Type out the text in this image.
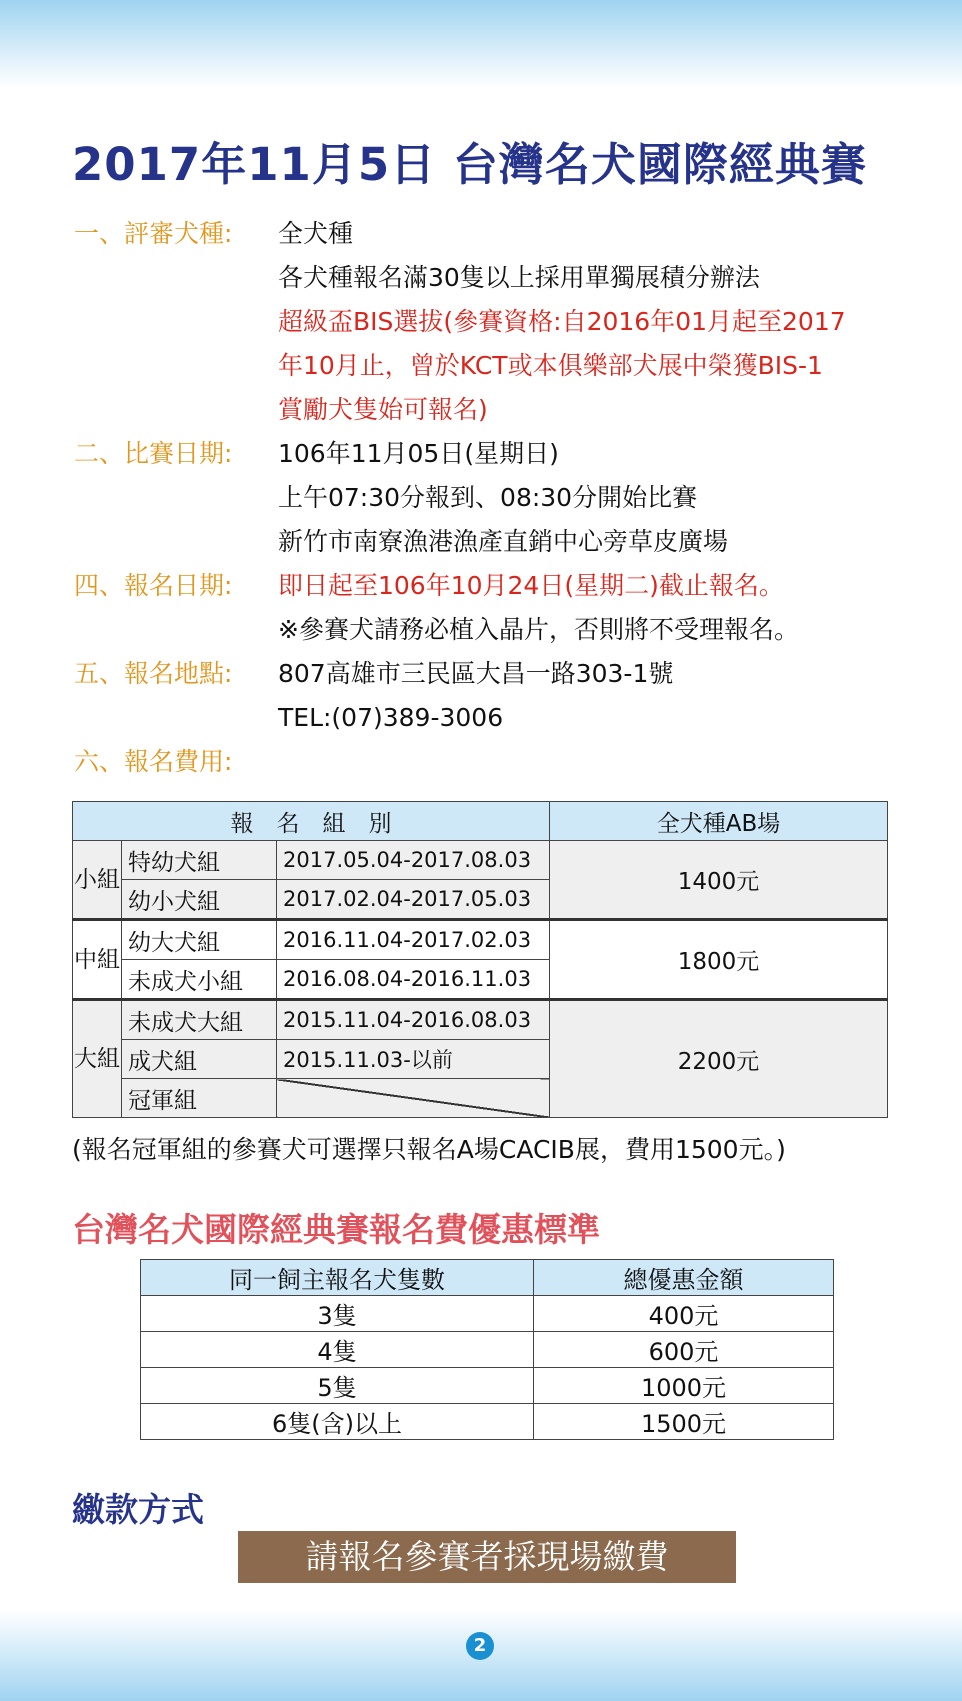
2017年11月5日 台灣名犬國際經典賽
一、評審犬種:	全犬種
各犬種報名滿30隻以上採用單獨展積分辦法
超級盃BIS選拔(參賽資格:自2016年01月起至2017
年10月止，曾於KCT或本俱樂部犬展中榮獲BIS-1
賞勵犬隻始可報名)
二、比賽日期:	106年11月05日(星期日)
上午07:30分報到、08:30分開始比賽
新竹市南寮漁港漁產直銷中心旁草皮廣場
四、報名日期:	即日起至106年10月24日(星期二)截止報名。
※參賽犬請務必植入晶片，否則將不受理報名。
五、報名地點:	807高雄市三民區大昌一路303-1號
TEL:(07)389-3006
六、報名費用:
報　名　組　別			全犬種AB場
小組	特幼犬組	2017.05.04-2017.08.03	1400元
	幼小犬組	2017.02.04-2017.05.03	
中組	幼大犬組	2016.11.04-2017.02.03	1800元
	未成犬小組	2016.08.04-2016.11.03	
大組	未成犬大組	2015.11.04-2016.08.03	2200元
	成犬組	2015.11.03-以前	
	冠軍組		
(報名冠軍組的參賽犬可選擇只報名A場CACIB展，費用1500元。)
台灣名犬國際經典賽報名費優惠標準
同一飼主報名犬隻數	總優惠金額
3隻	400元
4隻	600元
5隻	1000元
6隻(含)以上	1500元
繳款方式
請報名參賽者採現場繳費
2
